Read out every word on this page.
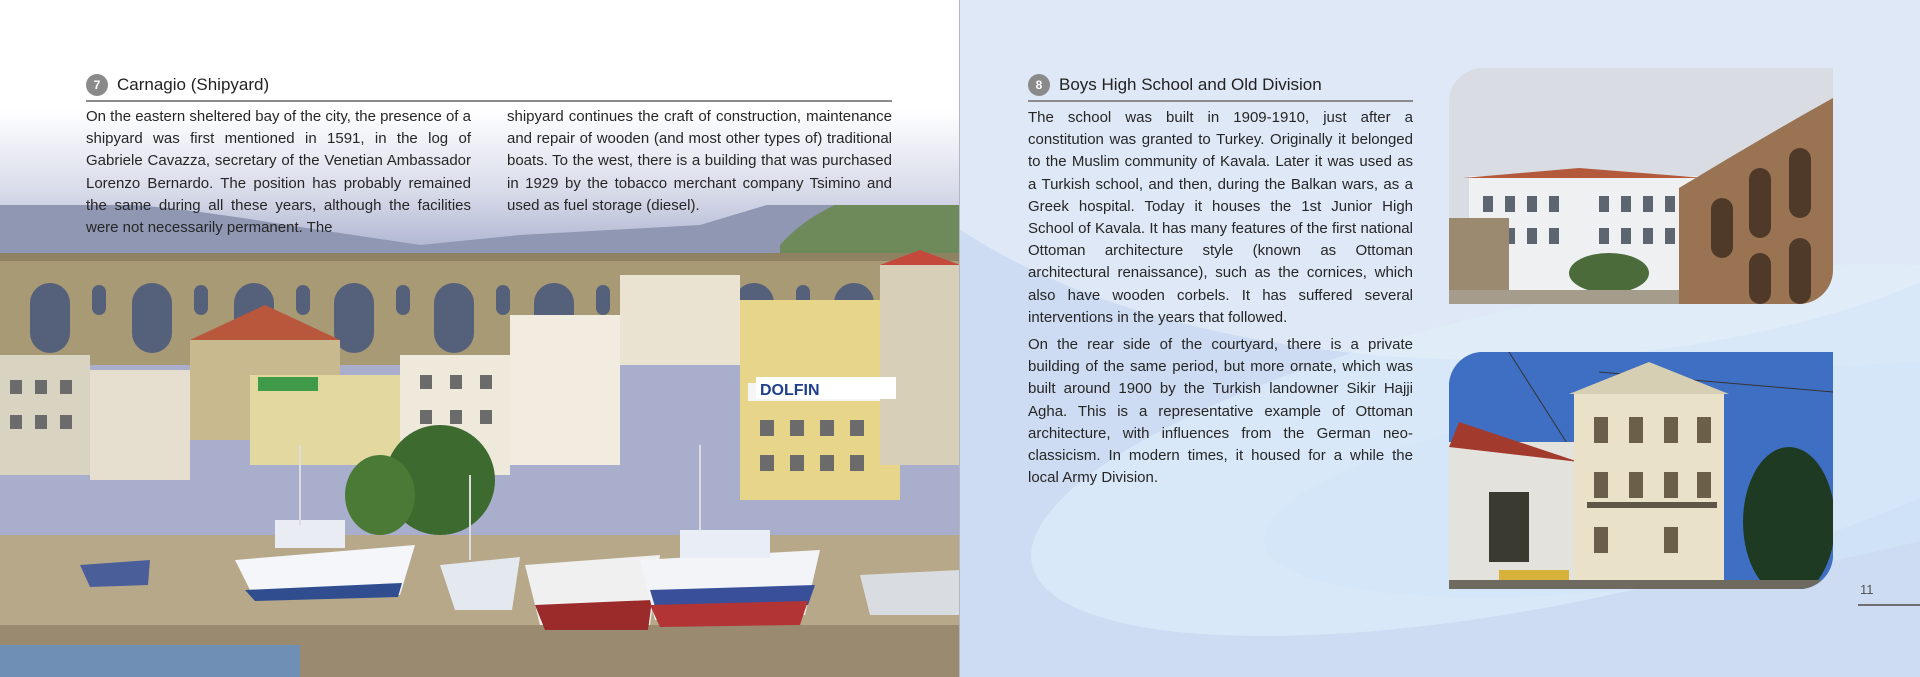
DOLFIN
7 Carnagio (Shipyard)
On the eastern sheltered bay of the city, the presence of a shipyard was first mentioned in 1591, in the log of Gabriele Cavazza, secretary of the Venetian Ambassador Lorenzo Bernardo. The position has probably remained the same during all these years, although the facilities were not necessarily permanent. The
shipyard continues the craft of construction, maintenance and repair of wooden (and most other types of) traditional boats. To the west, there is a building that was purchased in 1929 by the tobacco merchant company Tsimino and used as fuel storage (diesel).
8 Boys High School and Old Division

The school was built in 1909-1910, just after a constitution was granted to Turkey. Originally it belonged to the Muslim community of Kavala. Later it was used as a Turkish school, and then, during the Balkan wars, as a Greek hospital. Today it houses the 1st Junior High School of Kavala. It has many features of the first national Ottoman architecture style (known as Ottoman architectural renaissance), such as the cornices, which also have wooden corbels. It has suffered several interventions in the years that followed.

On the rear side of the courtyard, there is a private building of the same period, but more ornate, which was built around 1900 by the Turkish landowner Sikir Hajji Agha. This is a representative example of Ottoman architecture, with influences from the German neo-classicism. In modern times, it housed for a while the local Army Division.

11
